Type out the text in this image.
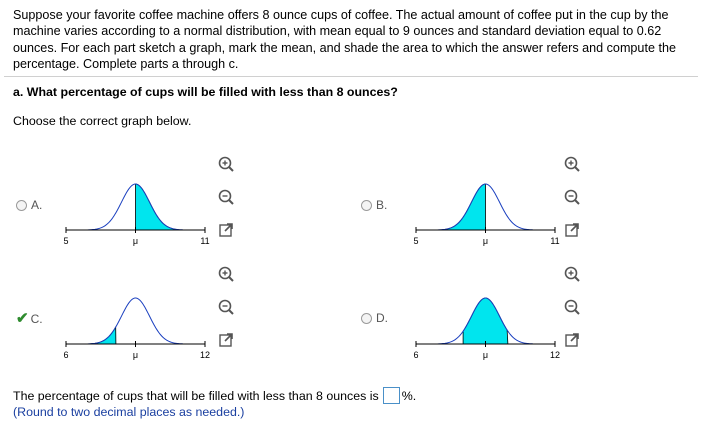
Suppose your favorite coffee machine offers 8 ounce cups of coffee. The actual amount of coffee put in the cup by the machine varies according to a normal distribution, with mean equal to 9 ounces and standard deviation equal to 0.62 ounces. For each part sketch a graph, mark the mean, and shade the area to which the answer refers and compute the percentage. Complete parts a through c.
a. What percentage of cups will be filled with less than 8 ounces?
Choose the correct graph below.
A.
5	μ	11
B.
5	μ	11
✔ C.
6	μ	12
D.
6	μ	12
The percentage of cups that will be filled with less than 8 ounces is %.
(Round to two decimal places as needed.)
